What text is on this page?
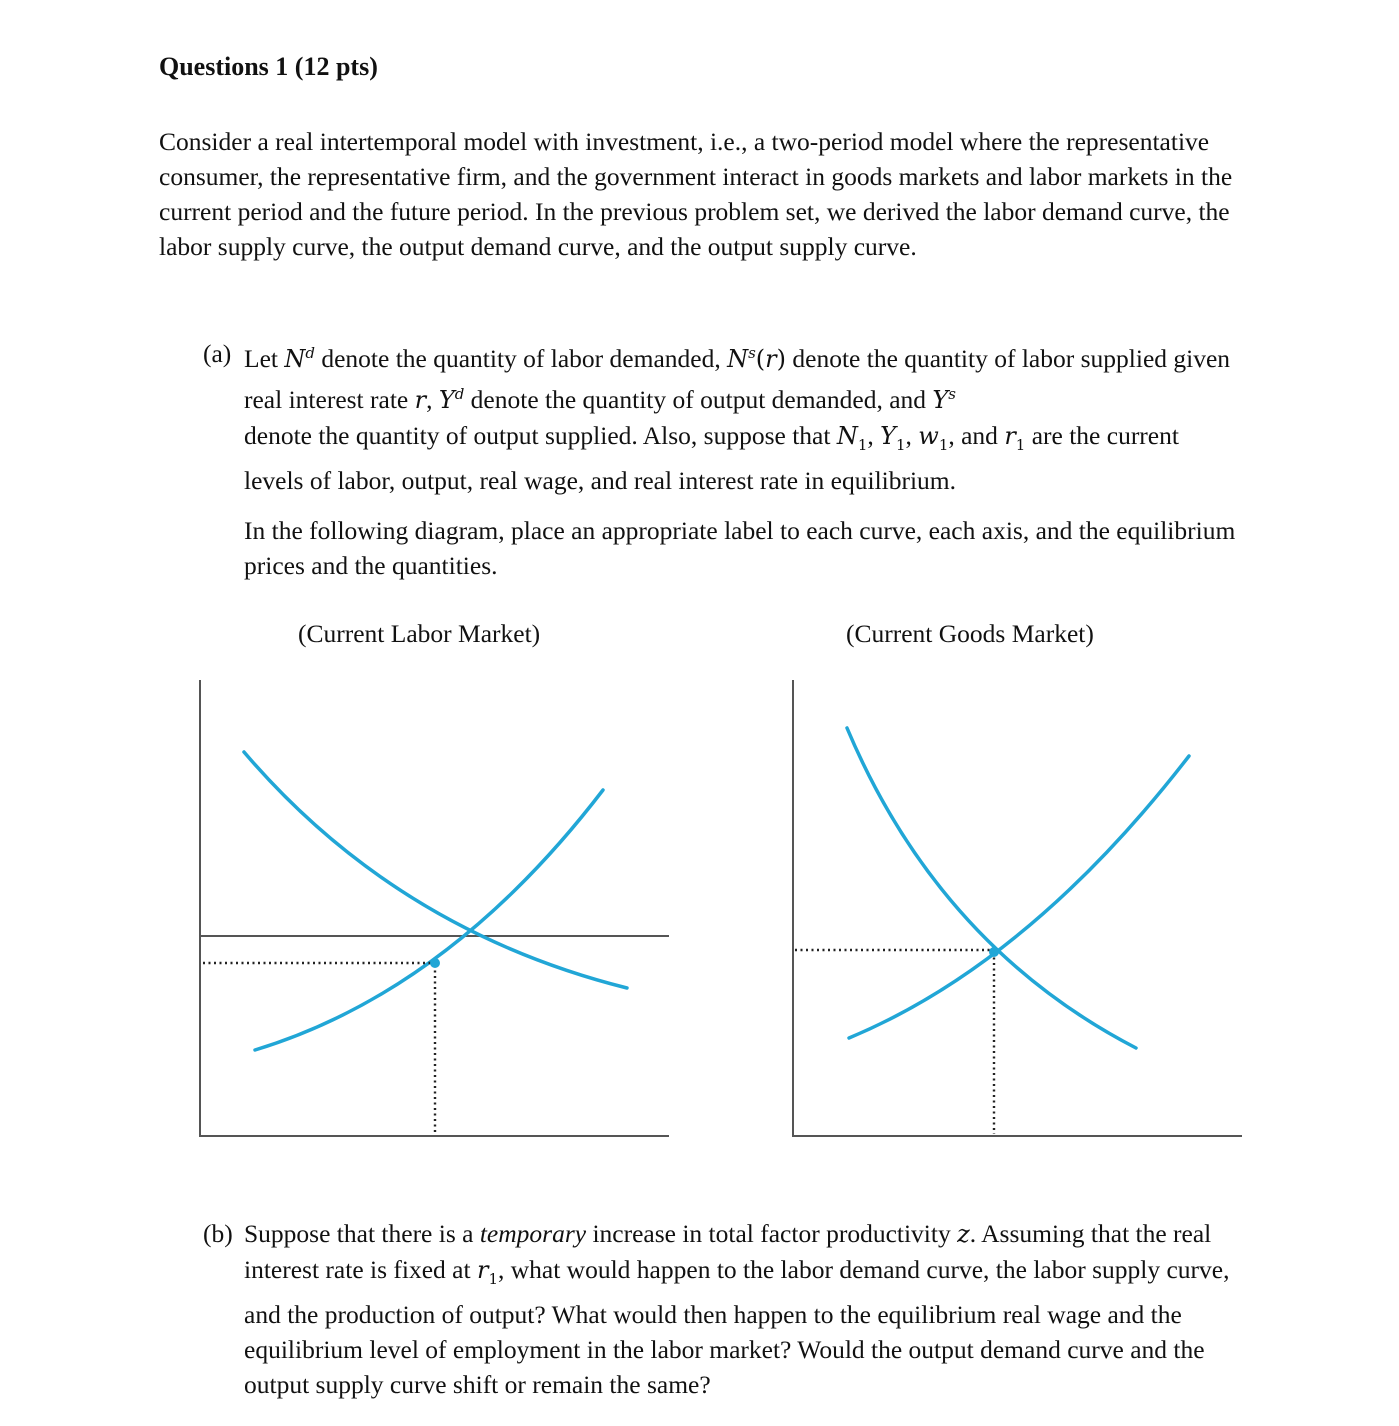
Questions 1 (12 pts)

Consider a real intertemporal model with investment, i.e., a two-period model where the representative consumer, the representative firm, and the government interact in goods markets and labor markets in the current period and the future period. In the previous problem set, we derived the labor demand curve, the labor supply curve, the output demand curve, and the output supply curve.

(a) Let $N^d$ denote the quantity of labor demanded, $N^s(r)$ denote the quantity of labor supplied given real interest rate r, $Y^d$ denote the quantity of output demanded, and $Y^s$
denote the quantity of output supplied. Also, suppose that $N_1$, $Y_1$, $w_1$, and $r_1$ are the current levels of labor, output, real wage, and real interest rate in equilibrium.

In the following diagram, place an appropriate label to each curve, each axis, and the equilibrium prices and the quantities.

(Current Labor Market)	(Current Goods Market)

(b) Suppose that there is a temporary increase in total factor productivity z. Assuming that the real interest rate is fixed at $r_1$, what would happen to the labor demand curve, the labor supply curve, and the production of output? What would then happen to the equilibrium real wage and the equilibrium level of employment in the labor market? Would the output demand curve and the output supply curve shift or remain the same?
